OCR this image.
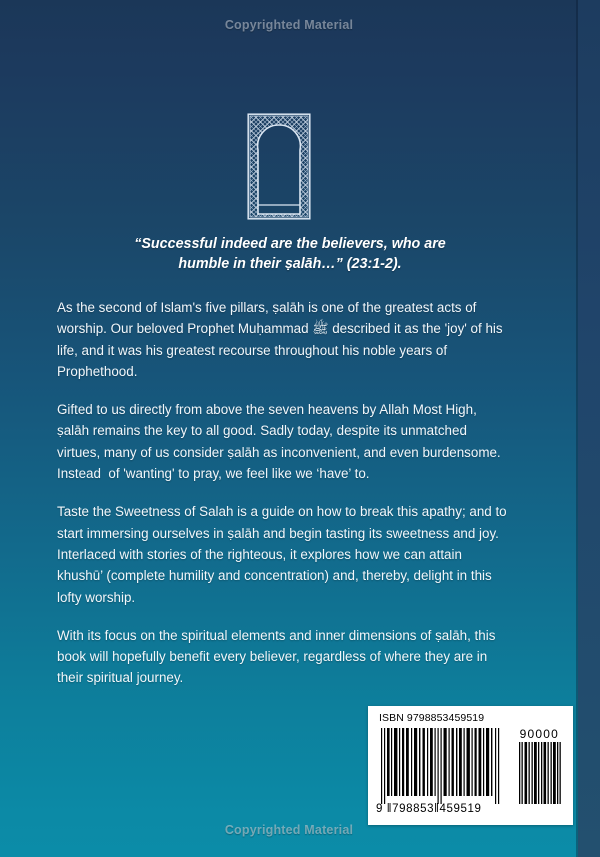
Copyrighted Material
“Successful indeed are the believers, who are
humble in their ṣalāh…” (23:1-2).

As the second of Islam's five pillars, ṣalāh is one of the greatest acts of worship. Our beloved Prophet Muḥammad ﷺ described it as the 'joy' of his life, and it was his greatest recourse throughout his noble years of Prophethood.

Gifted to us directly from above the seven heavens by Allah Most High, ṣalāh remains the key to all good. Sadly today, despite its unmatched virtues, many of us consider ṣalāh as inconvenient, and even burdensome. Instead  of 'wanting' to pray, we feel like we ‘have’ to.

Taste the Sweetness of Salah is a guide on how to break this apathy; and to start immersing ourselves in ṣalāh and begin tasting its sweetness and joy. Interlaced with stories of the righteous, it explores how we can attain khushū’ (complete humility and concentration) and, thereby, delight in this lofty worship.

With its focus on the spiritual elements and inner dimensions of ṣalāh, this book will hopefully benefit every believer, regardless of where they are in their spiritual journey.

ISBN 9798853459519
90000
9 ‖798853‖459519
Copyrighted Material
